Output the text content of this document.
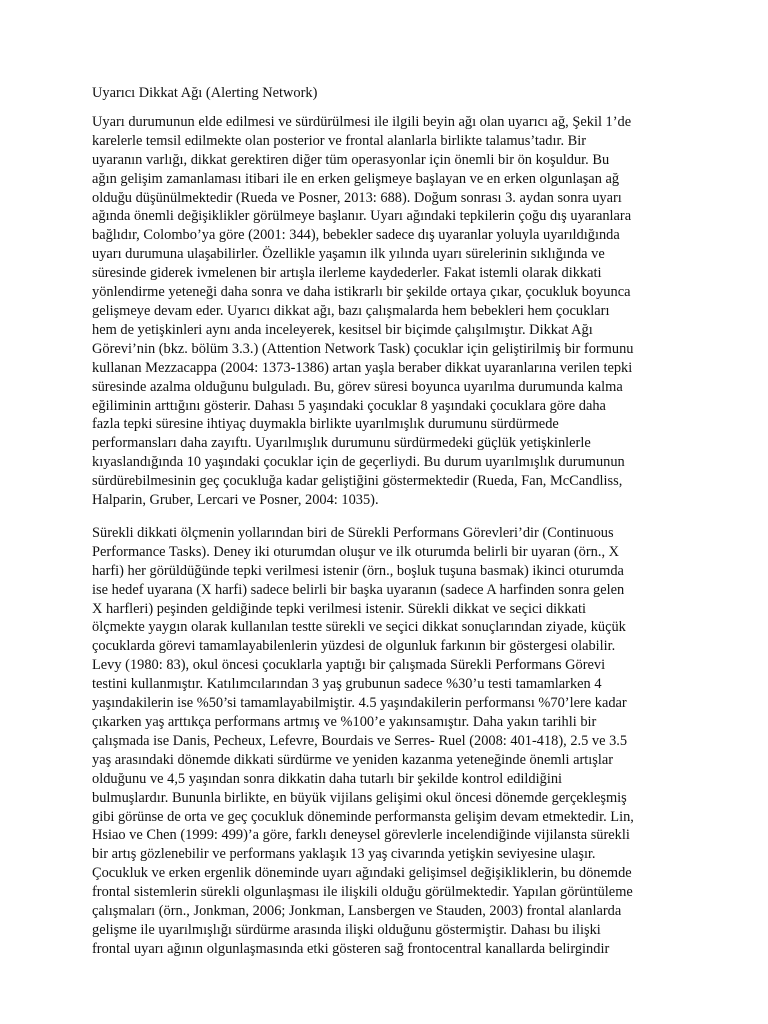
Uyarıcı Dikkat Ağı (Alerting Network)

Uyarı durumunun elde edilmesi ve sürdürülmesi ile ilgili beyin ağı olan uyarıcı ağ, Şekil 1’de
karelerle temsil edilmekte olan posterior ve frontal alanlarla birlikte talamus’tadır. Bir
uyaranın varlığı, dikkat gerektiren diğer tüm operasyonlar için önemli bir ön koşuldur. Bu
ağın gelişim zamanlaması itibari ile en erken gelişmeye başlayan ve en erken olgunlaşan ağ
olduğu düşünülmektedir (Rueda ve Posner, 2013: 688). Doğum sonrası 3. aydan sonra uyarı
ağında önemli değişiklikler görülmeye başlanır. Uyarı ağındaki tepkilerin çoğu dış uyaranlara
bağlıdır, Colombo’ya göre (2001: 344), bebekler sadece dış uyaranlar yoluyla uyarıldığında
uyarı durumuna ulaşabilirler. Özellikle yaşamın ilk yılında uyarı sürelerinin sıklığında ve
süresinde giderek ivmelenen bir artışla ilerleme kaydederler. Fakat istemli olarak dikkati
yönlendirme yeteneği daha sonra ve daha istikrarlı bir şekilde ortaya çıkar, çocukluk boyunca
gelişmeye devam eder. Uyarıcı dikkat ağı, bazı çalışmalarda hem bebekleri hem çocukları
hem de yetişkinleri aynı anda inceleyerek, kesitsel bir biçimde çalışılmıştır. Dikkat Ağı
Görevi’nin (bkz. bölüm 3.3.) (Attention Network Task) çocuklar için geliştirilmiş bir formunu
kullanan Mezzacappa (2004: 1373-1386) artan yaşla beraber dikkat uyaranlarına verilen tepki
süresinde azalma olduğunu bulguladı. Bu, görev süresi boyunca uyarılma durumunda kalma
eğiliminin arttığını gösterir. Dahası 5 yaşındaki çocuklar 8 yaşındaki çocuklara göre daha
fazla tepki süresine ihtiyaç duymakla birlikte uyarılmışlık durumunu sürdürmede
performansları daha zayıftı. Uyarılmışlık durumunu sürdürmedeki güçlük yetişkinlerle
kıyaslandığında 10 yaşındaki çocuklar için de geçerliydi. Bu durum uyarılmışlık durumunun
sürdürebilmesinin geç çocukluğa kadar geliştiğini göstermektedir (Rueda, Fan, McCandliss,
Halparin, Gruber, Lercari ve Posner, 2004: 1035).

Sürekli dikkati ölçmenin yollarından biri de Sürekli Performans Görevleri’dir (Continuous
Performance Tasks). Deney iki oturumdan oluşur ve ilk oturumda belirli bir uyaran (örn., X
harfi) her görüldüğünde tepki verilmesi istenir (örn., boşluk tuşuna basmak) ikinci oturumda
ise hedef uyarana (X harfi) sadece belirli bir başka uyaranın (sadece A harfinden sonra gelen
X harfleri) peşinden geldiğinde tepki verilmesi istenir. Sürekli dikkat ve seçici dikkati
ölçmekte yaygın olarak kullanılan testte sürekli ve seçici dikkat sonuçlarından ziyade, küçük
çocuklarda görevi tamamlayabilenlerin yüzdesi de olgunluk farkının bir göstergesi olabilir.
Levy (1980: 83), okul öncesi çocuklarla yaptığı bir çalışmada Sürekli Performans Görevi
testini kullanmıştır. Katılımcılarından 3 yaş grubunun sadece %30’u testi tamamlarken 4
yaşındakilerin ise %50’si tamamlayabilmiştir. 4.5 yaşındakilerin performansı %70’lere kadar
çıkarken yaş arttıkça performans artmış ve %100’e yakınsamıştır. Daha yakın tarihli bir
çalışmada ise Danis, Pecheux, Lefevre, Bourdais ve Serres- Ruel (2008: 401-418), 2.5 ve 3.5
yaş arasındaki dönemde dikkati sürdürme ve yeniden kazanma yeteneğinde önemli artışlar
olduğunu ve 4,5 yaşından sonra dikkatin daha tutarlı bir şekilde kontrol edildiğini
bulmuşlardır. Bununla birlikte, en büyük vijilans gelişimi okul öncesi dönemde gerçekleşmiş
gibi görünse de orta ve geç çocukluk döneminde performansta gelişim devam etmektedir. Lin,
Hsiao ve Chen (1999: 499)’a göre, farklı deneysel görevlerle incelendiğinde vijilansta sürekli
bir artış gözlenebilir ve performans yaklaşık 13 yaş civarında yetişkin seviyesine ulaşır.
Çocukluk ve erken ergenlik döneminde uyarı ağındaki gelişimsel değişikliklerin, bu dönemde
frontal sistemlerin sürekli olgunlaşması ile ilişkili olduğu görülmektedir. Yapılan görüntüleme
çalışmaları (örn., Jonkman, 2006; Jonkman, Lansbergen ve Stauden, 2003) frontal alanlarda
gelişme ile uyarılmışlığı sürdürme arasında ilişki olduğunu göstermiştir. Dahası bu ilişki
frontal uyarı ağının olgunlaşmasında etki gösteren sağ frontocentral kanallarda belirgindir
